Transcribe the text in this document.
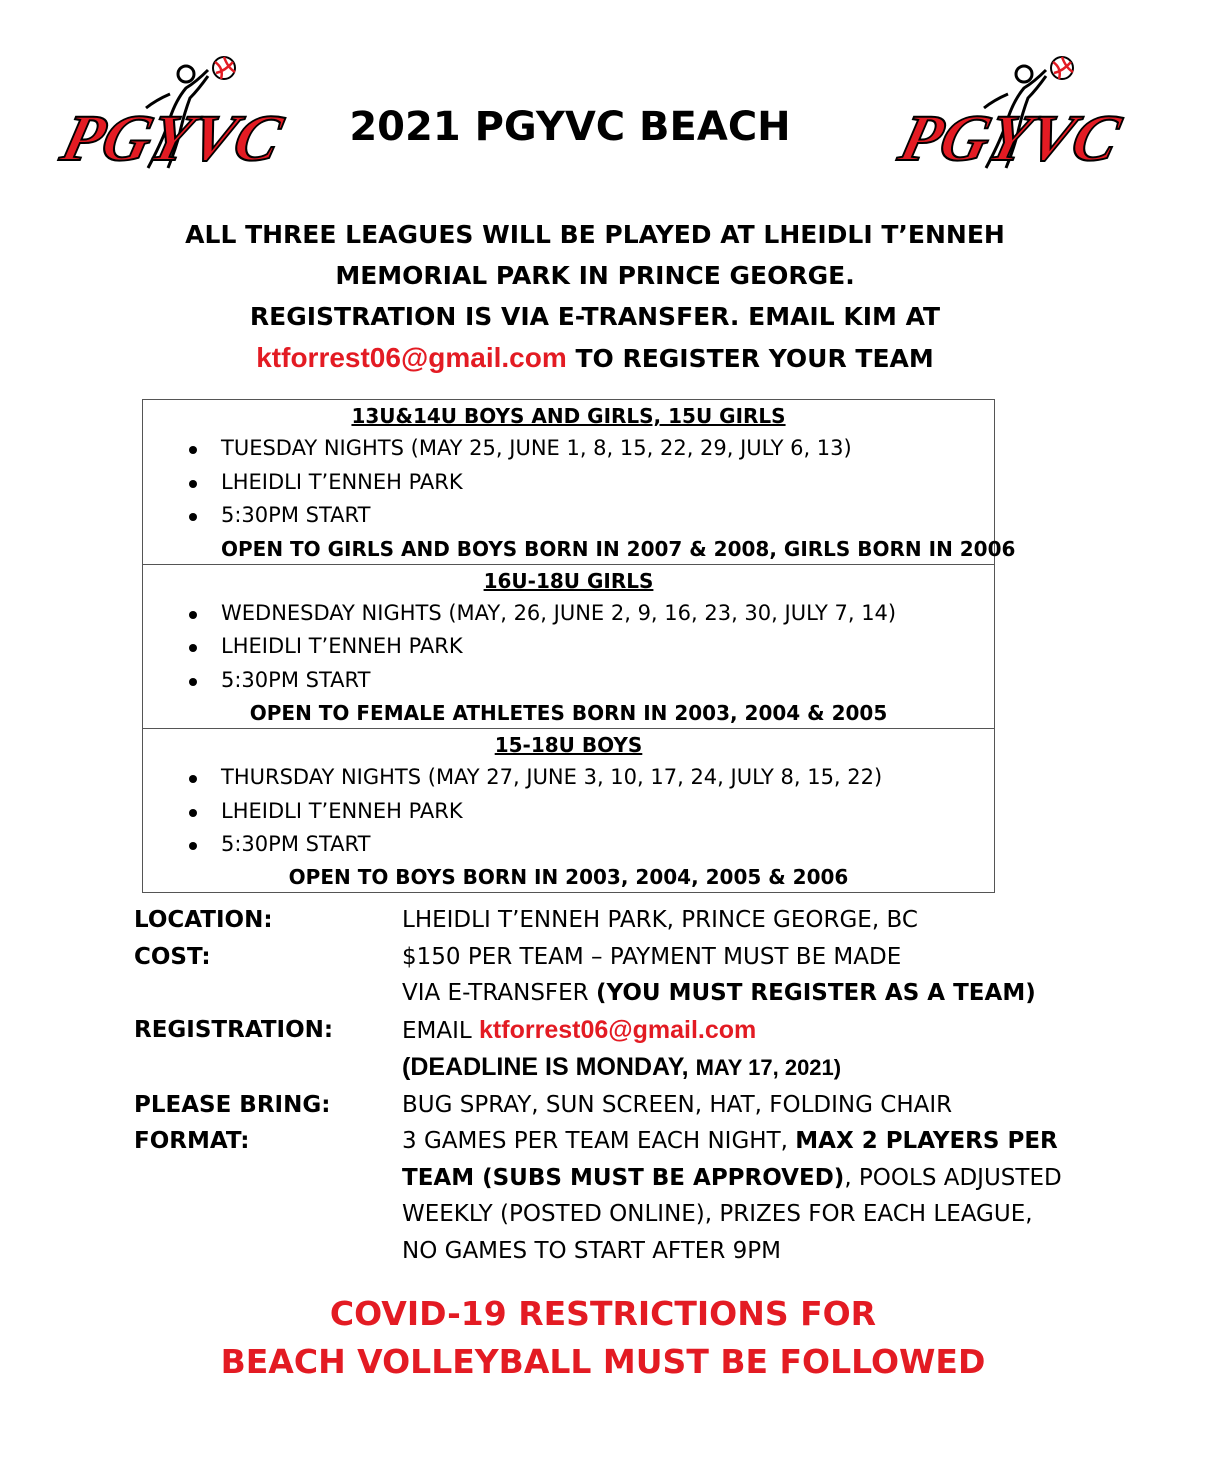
PGYVC	PGYVC
2021 PGYVC BEACH
ALL THREE LEAGUES WILL BE PLAYED AT LHEIDLI T’ENNEH
MEMORIAL PARK IN PRINCE GEORGE.
REGISTRATION IS VIA E-TRANSFER. EMAIL KIM AT
ktforrest06@gmail.com TO REGISTER YOUR TEAM
13U&14U BOYS AND GIRLS, 15U GIRLS
TUESDAY NIGHTS (MAY 25, JUNE 1, 8, 15, 22, 29, JULY 6, 13)
LHEIDLI T’ENNEH PARK
5:30PM START
OPEN TO GIRLS AND BOYS BORN IN 2007 & 2008, GIRLS BORN IN 2006
16U-18U GIRLS
WEDNESDAY NIGHTS (MAY, 26, JUNE 2, 9, 16, 23, 30, JULY 7, 14)
LHEIDLI T’ENNEH PARK
5:30PM START
OPEN TO FEMALE ATHLETES BORN IN 2003, 2004 & 2005
15-18U BOYS
THURSDAY NIGHTS (MAY 27, JUNE 3, 10, 17, 24, JULY 8, 15, 22)
LHEIDLI T’ENNEH PARK
5:30PM START
OPEN TO BOYS BORN IN 2003, 2004, 2005 & 2006
LOCATION:	LHEIDLI T’ENNEH PARK, PRINCE GEORGE, BC
COST:	$150 PER TEAM – PAYMENT MUST BE MADE
VIA E-TRANSFER (YOU MUST REGISTER AS A TEAM)
REGISTRATION:	EMAIL ktforrest06@gmail.com
(DEADLINE IS MONDAY, MAY 17, 2021)
PLEASE BRING:	BUG SPRAY, SUN SCREEN, HAT, FOLDING CHAIR
FORMAT:	3 GAMES PER TEAM EACH NIGHT, MAX 2 PLAYERS PER
TEAM (SUBS MUST BE APPROVED), POOLS ADJUSTED
WEEKLY (POSTED ONLINE), PRIZES FOR EACH LEAGUE,
NO GAMES TO START AFTER 9PM
COVID-19 RESTRICTIONS FOR
BEACH VOLLEYBALL MUST BE FOLLOWED
